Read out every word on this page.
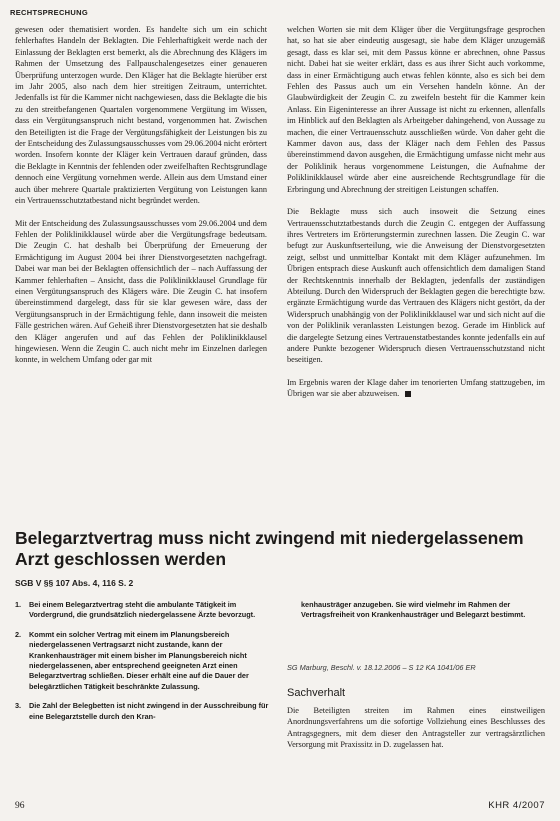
RECHTSPRECHUNG

gewesen oder thematisiert worden. Es handelte sich um ein schicht fehlerhaftes Handeln der Beklagten. Die Fehlerhaftigkeit werde nach der Einlassung der Beklagten erst bemerkt, als die Abrechnung des Klägers im Rahmen der Umsetzung des Fallpauschalengesetzes einer genaueren Überprüfung unterzogen wurde. Den Kläger hat die Beklagte hierüber erst im Jahr 2005, also nach dem hier streitigen Zeitraum, unterrichtet. Jedenfalls ist für die Kammer nicht nachgewiesen, dass die Beklagte die bis zu den streitbefangenen Quartalen vorgenommene Vergütung im Wissen, dass ein Vergütungsanspruch nicht bestand, vorgenommen hat. Zwischen den Beteiligten ist die Frage der Vergütungsfähigkeit der Leistungen bis zu der Entscheidung des Zulassungsausschusses vom 29.06.2004 nicht erörtert worden. Insofern konnte der Kläger kein Vertrauen darauf gründen, dass die Beklagte in Kenntnis der fehlenden oder zweifelhaften Rechtsgrundlage dennoch eine Vergütung vornehmen werde. Allein aus dem Umstand einer auch über mehrere Quartale praktizierten Vergütung von Leistungen kann ein Vertrauensschutztatbestand nicht begründet werden.

Mit der Entscheidung des Zulassungsausschusses vom 29.06.2004 und dem Fehlen der Poliklinikklausel würde aber die Vergütungsfrage bedeutsam. Die Zeugin C. hat deshalb bei Überprüfung der Erneuerung der Ermächtigung im August 2004 bei ihrer Dienstvorgesetzten nachgefragt. Dabei war man bei der Beklagten offensichtlich der – nach Auffassung der Kammer fehlerhaften – Ansicht, dass die Poliklinikklausel Grundlage für einen Vergütungsanspruch des Klägers wäre. Die Zeugin C. hat insofern übereinstimmend dargelegt, dass für sie klar gewesen wäre, dass der Vergütungsanspruch in der Ermächtigung fehle, dann insoweit die meisten Fälle gestrichen wären. Auf Geheiß ihrer Dienstvorgesetzten hat sie deshalb den Kläger angerufen und auf das Fehlen der Poliklinikklausel hingewiesen. Wenn die Zeugin C. auch nicht mehr im Einzelnen darlegen konnte, in welchem Umfang oder gar mit

welchen Worten sie mit dem Kläger über die Vergütungsfrage gesprochen hat, so hat sie aber eindeutig ausgesagt, sie habe dem Kläger unzugemäß gesagt, dass es klar sei, mit dem Passus könne er abrechnen, ohne Passus nicht. Dabei hat sie weiter erklärt, dass es aus ihrer Sicht auch vorkomme, dass in einer Ermächtigung auch etwas fehlen könnte, also es sich bei dem Fehlen des Passus auch um ein Versehen handeln könne. An der Glaubwürdigkeit der Zeugin C. zu zweifeln besteht für die Kammer kein Anlass. Ein Eigeninteresse an ihrer Aussage ist nicht zu erkennen, allenfalls im Hinblick auf den Beklagten als Arbeitgeber dahingehend, von Aussage zu machen, die einer Vertrauensschutz ausschließen würde. Von daher geht die Kammer davon aus, dass der Kläger nach dem Fehlen des Passus übereinstimmend davon ausgehen, die Ermächtigung umfasse nicht mehr aus der Poliklinik heraus vorgenommene Leistungen, die Aufnahme der Poliklinikklausel würde aber eine ausreichende Rechtsgrundlage für die Erbringung und Abrechnung der streitigen Leistungen schaffen.

Die Beklagte muss sich auch insoweit die Setzung eines Vertrauensschutztatbestands durch die Zeugin C. entgegen der Auffassung ihres Vertreters im Erörterungstermin zurechnen lassen. Die Zeugin C. war befugt zur Auskunftserteilung, wie die Anweisung der Dienstvorgesetzten zeigt, selbst und unmittelbar Kontakt mit dem Kläger aufzunehmen. Im Übrigen entsprach diese Auskunft auch offensichtlich dem damaligen Stand der Rechtskenntnis innerhalb der Beklagten, jedenfalls der zuständigen Abteilung. Durch den Widerspruch der Beklagten gegen die berechtigte bzw. ergänzte Ermächtigung wurde das Vertrauen des Klägers nicht gestört, da der Widerspruch unabhängig von der Poliklinikklausel war und sich nicht auf die von der Poliklinik veranlassten Leistungen bezog. Gerade im Hinblick auf die dargelegte Setzung eines Vertrauenstatbestandes konnte jedenfalls ein auf andere Punkte bezogener Widerspruch diesen Vertrauensschutzstand nicht beseitigen.

Im Ergebnis waren der Klage daher im tenorierten Umfang stattzugeben, im Übrigen war sie aber abzuweisen.

Belegarztvertrag muss nicht zwingend mit niedergelassenem Arzt geschlossen werden
SGB V §§ 107 Abs. 4, 116 S. 2
1.	Bei einem Belegarztvertrag steht die ambulante Tätigkeit im Vordergrund, die grundsätzlich niedergelassene Ärzte bevorzugt.
2.	Kommt ein solcher Vertrag mit einem im Planungsbereich niedergelassenen Vertragsarzt nicht zustande, kann der Krankenhausträger mit einem bisher im Planungsbereich nicht niedergelassenen, aber entsprechend geeigneten Arzt einen Belegarztvertrag schließen. Dieser erhält eine auf die Dauer der belegärztlichen Tätigkeit beschränkte Zulassung.
3.	Die Zahl der Belegbetten ist nicht zwingend in der Ausschreibung für eine Belegarztstelle durch den Kran-
kenhausträger anzugeben. Sie wird vielmehr im Rahmen der Vertragsfreiheit von Krankenhausträger und Belegarzt bestimmt.
SG Marburg, Beschl. v. 18.12.2006 – S 12 KA 1041/06 ER
Sachverhalt

Die Beteiligten streiten im Rahmen eines einstweiligen Anordnungsverfahrens um die sofortige Vollziehung eines Beschlusses des Antragsgegners, mit dem dieser den Antragsteller zur vertragsärztlichen Versorgung mit Praxissitz in D. zugelassen hat.

96	KHR 4/2007
